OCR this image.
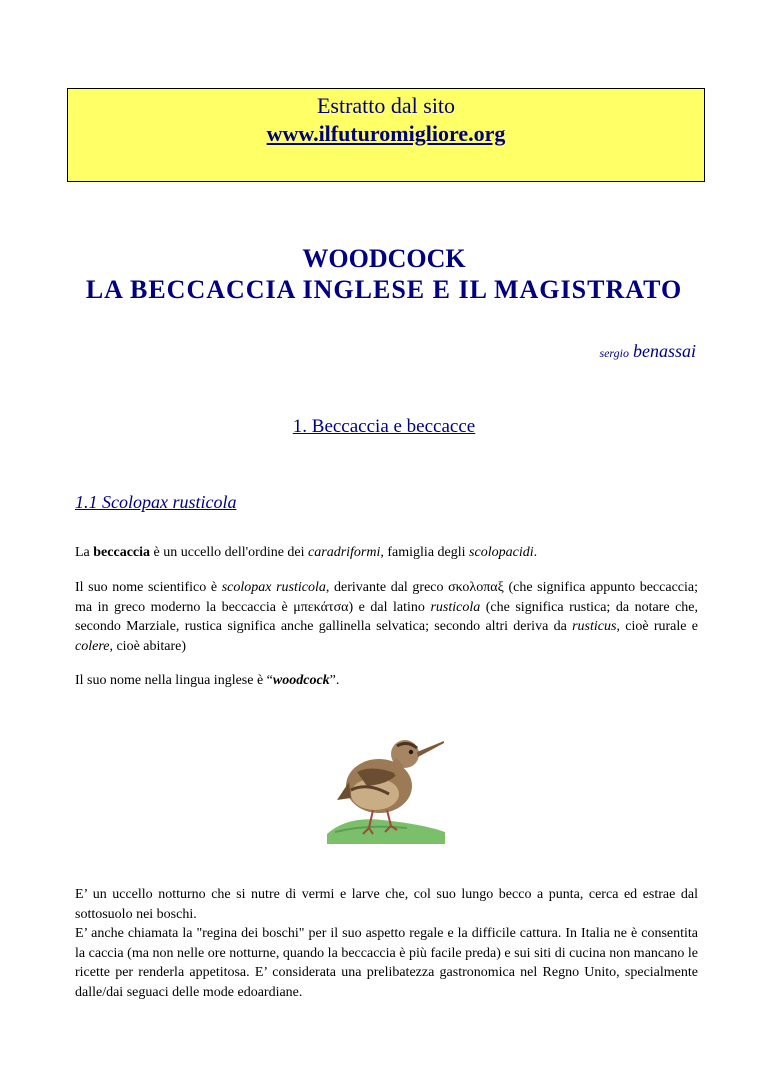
Estratto dal sito
www.ilfuturomigliore.org
WOODCOCK
LA BECCACCIA INGLESE E IL MAGISTRATO
sergio benassai
1. Beccaccia e beccacce
1.1 Scolopax rusticola
La beccaccia è un uccello dell'ordine dei caradriformi, famiglia degli scolopacidi.
Il suo nome scientifico è scolopax rusticola, derivante dal greco σκολοπαξ (che significa appunto beccaccia; ma in greco moderno la beccaccia è μπεκάτσα) e dal latino rusticola (che significa rustica; da notare che, secondo Marziale, rustica significa anche gallinella selvatica; secondo altri deriva da rusticus, cioè rurale e colere, cioè abitare)
Il suo nome nella lingua inglese è “woodcock”.
E’ un uccello notturno che si nutre di vermi e larve che, col suo lungo becco a punta, cerca ed estrae dal sottosuolo nei boschi.
E’ anche chiamata la "regina dei boschi" per il suo aspetto regale e la difficile cattura. In Italia ne è consentita la caccia (ma non nelle ore notturne, quando la beccaccia è più facile preda) e sui siti di cucina non mancano le ricette per renderla appetitosa. E’ considerata una prelibatezza gastronomica nel Regno Unito, specialmente dalle/dai seguaci delle mode edoardiane.
